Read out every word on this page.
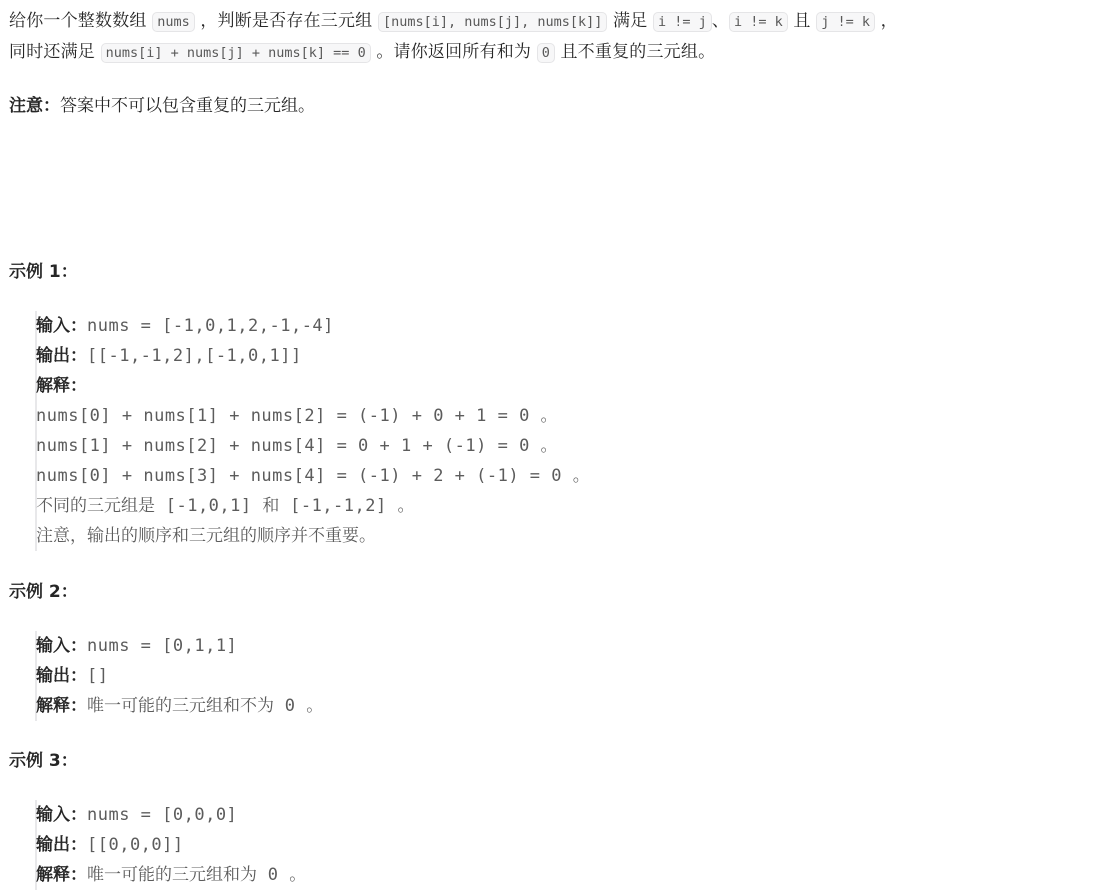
给你一个整数数组 nums ，判断是否存在三元组 [nums[i], nums[j], nums[k]] 满足 i != j 、 i != k 且 j != k ，
同时还满足 nums[i] + nums[j] + nums[k] == 0 。请你返回所有和为 0 且不重复的三元组。
注意：答案中不可以包含重复的三元组。
示例 1：
输入：nums = [-1,0,1,2,-1,-4]
输出：[[-1,-1,2],[-1,0,1]]
解释：
nums[0] + nums[1] + nums[2] = (-1) + 0 + 1 = 0 。
nums[1] + nums[2] + nums[4] = 0 + 1 + (-1) = 0 。
nums[0] + nums[3] + nums[4] = (-1) + 2 + (-1) = 0 。
不同的三元组是 [-1,0,1] 和 [-1,-1,2] 。
注意，输出的顺序和三元组的顺序并不重要。
示例 2：
输入：nums = [0,1,1]
输出：[]
解释：唯一可能的三元组和不为 0 。
示例 3：
输入：nums = [0,0,0]
输出：[[0,0,0]]
解释：唯一可能的三元组和为 0 。
